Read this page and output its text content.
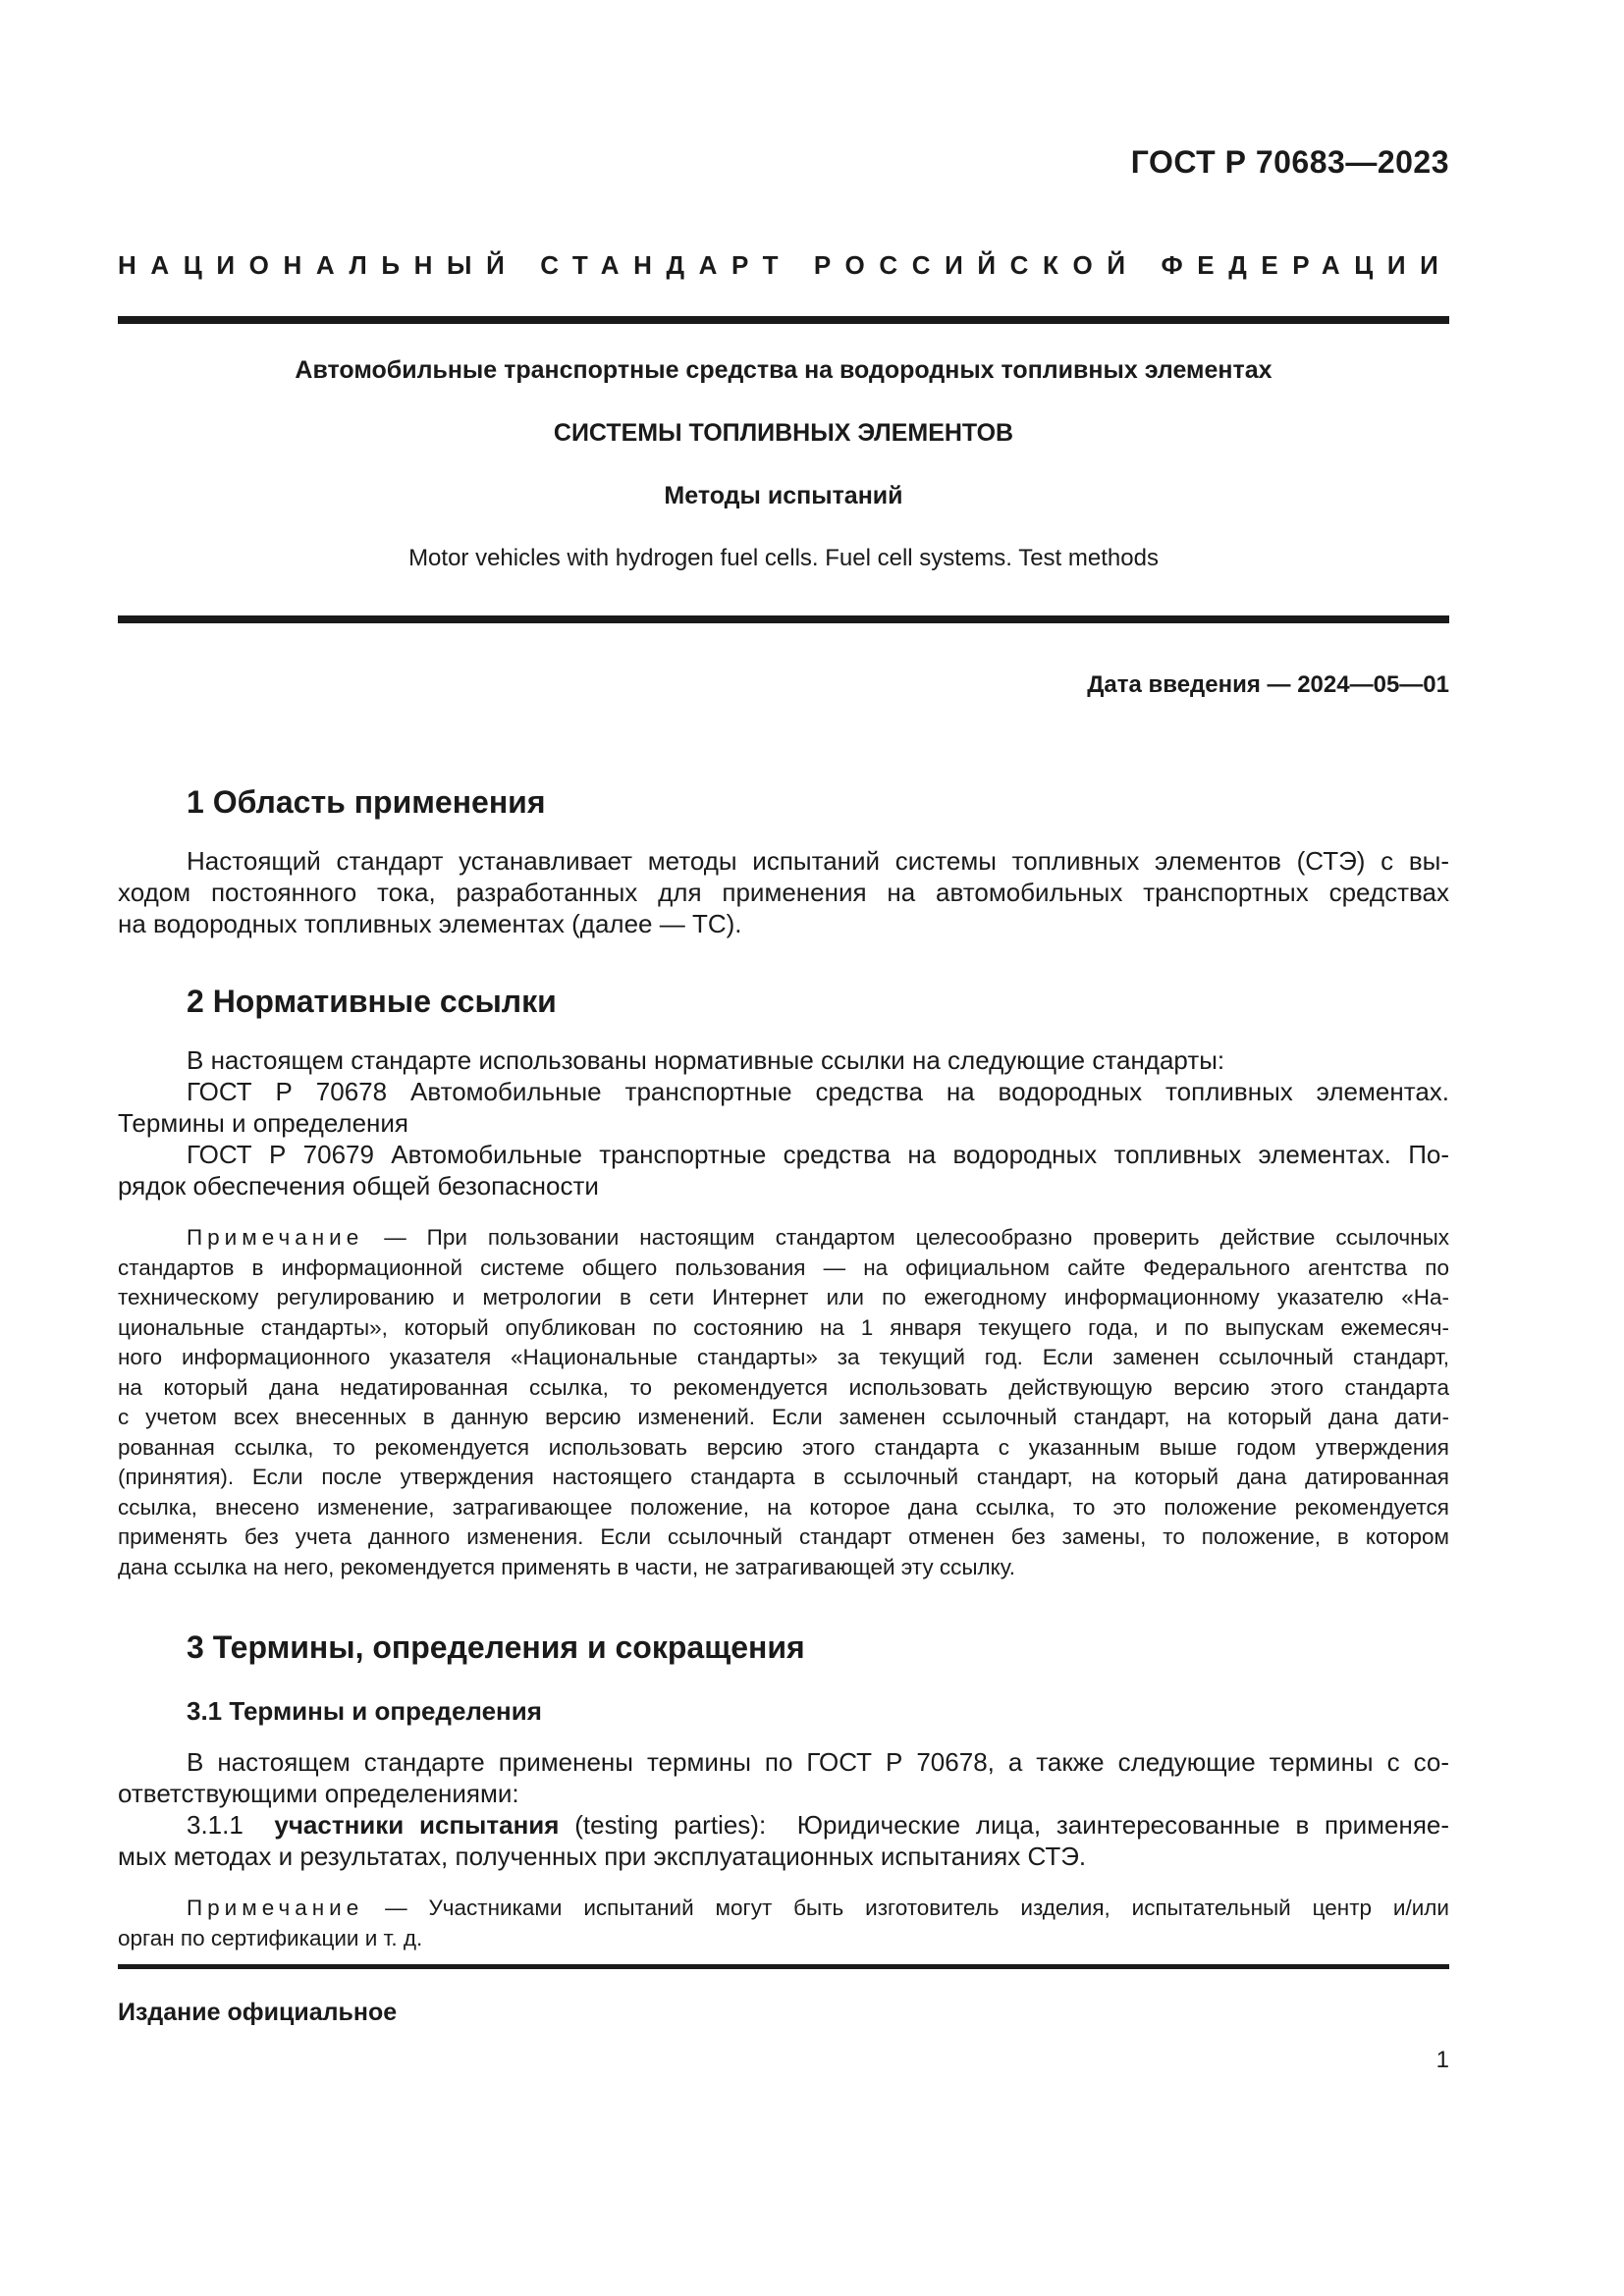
ГОСТ Р 70683—2023
НАЦИОНАЛЬНЫЙ СТАНДАРТ РОССИЙСКОЙ ФЕДЕРАЦИИ
Автомобильные транспортные средства на водородных топливных элементах
СИСТЕМЫ ТОПЛИВНЫХ ЭЛЕМЕНТОВ
Методы испытаний
Motor vehicles with hydrogen fuel cells. Fuel cell systems. Test methods
Дата введения — 2024—05—01
1 Область применения
Настоящий стандарт устанавливает методы испытаний системы топливных элементов (СТЭ) с вы-
ходом постоянного тока, разработанных для применения на автомобильных транспортных средствах
на водородных топливных элементах (далее — ТС).
2 Нормативные ссылки
В настоящем стандарте использованы нормативные ссылки на следующие стандарты:
ГОСТ Р 70678 Автомобильные транспортные средства на водородных топливных элементах.
Термины и определения
ГОСТ Р 70679 Автомобильные транспортные средства на водородных топливных элементах. По-
рядок обеспечения общей безопасности
Примечание — При пользовании настоящим стандартом целесообразно проверить действие ссылочных
стандартов в информационной системе общего пользования — на официальном сайте Федерального агентства по
техническому регулированию и метрологии в сети Интернет или по ежегодному информационному указателю «На-
циональные стандарты», который опубликован по состоянию на 1 января текущего года, и по выпускам ежемесяч-
ного информационного указателя «Национальные стандарты» за текущий год. Если заменен ссылочный стандарт,
на который дана недатированная ссылка, то рекомендуется использовать действующую версию этого стандарта
с учетом всех внесенных в данную версию изменений. Если заменен ссылочный стандарт, на который дана дати-
рованная ссылка, то рекомендуется использовать версию этого стандарта с указанным выше годом утверждения
(принятия). Если после утверждения настоящего стандарта в ссылочный стандарт, на который дана датированная
ссылка, внесено изменение, затрагивающее положение, на которое дана ссылка, то это положение рекомендуется
применять без учета данного изменения. Если ссылочный стандарт отменен без замены, то положение, в котором
дана ссылка на него, рекомендуется применять в части, не затрагивающей эту ссылку.
3 Термины, определения и сокращения
3.1 Термины и определения
В настоящем стандарте применены термины по ГОСТ Р 70678, а также следующие термины с со-
ответствующими определениями:
3.1.1 участники испытания (testing parties): Юридические лица, заинтересованные в применяе-
мых методах и результатах, полученных при эксплуатационных испытаниях СТЭ.
Примечание — Участниками испытаний могут быть изготовитель изделия, испытательный центр и/или
орган по сертификации и т. д.
Издание официальное
1
